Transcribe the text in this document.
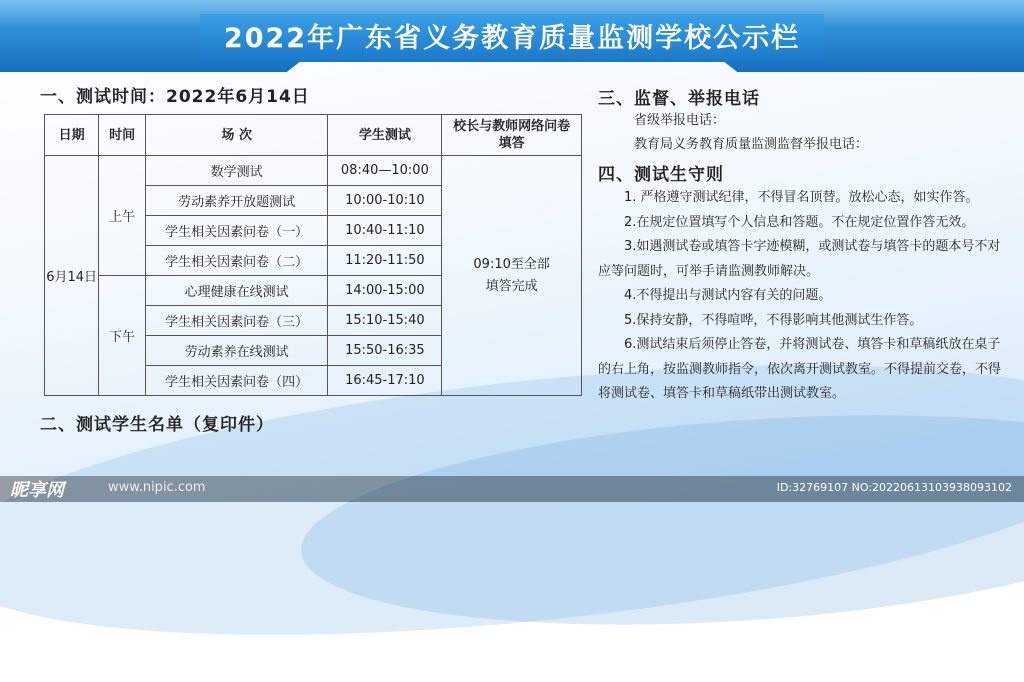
2022年广东省义务教育质量监测学校公示栏
一、测试时间：2022年6月14日
日期	时间	场 次	学生测试	校长与教师网络问卷填答
6月14日	上午	数学测试	08:40—10:00	09:10至全部填答完成
		劳动素养开放题测试	10:00-10:10	
		学生相关因素问卷（一）	10:40-11:10	
		学生相关因素问卷（二）	11:20-11:50	
	下午	心理健康在线测试	14:00-15:00	
		学生相关因素问卷（三）	15:10-15:40	
		劳动素养在线测试	15:50-16:35	
		学生相关因素问卷（四）	16:45-17:10	
二、测试学生名单（复印件）
三、监督、举报电话
省级举报电话：
教育局义务教育质量监测监督举报电话：
四、测试生守则

1. 严格遵守测试纪律，不得冒名顶替。放松心态，如实作答。

2.在规定位置填写个人信息和答题。不在规定位置作答无效。

3.如遇测试卷或填答卡字迹模糊，或测试卷与填答卡的题本号不对应等问题时，可举手请监测教师解决。

4.不得提出与测试内容有关的问题。

5.保持安静，不得喧哗，不得影响其他测试生作答。

6.测试结束后须停止答卷，并将测试卷、填答卡和草稿纸放在桌子的右上角，按监测教师指令，依次离开测试教室。不得提前交卷，不得将测试卷、填答卡和草稿纸带出测试教室。

昵享网	www.nipic.com	ID:32769107 NO:20220613103938093102
